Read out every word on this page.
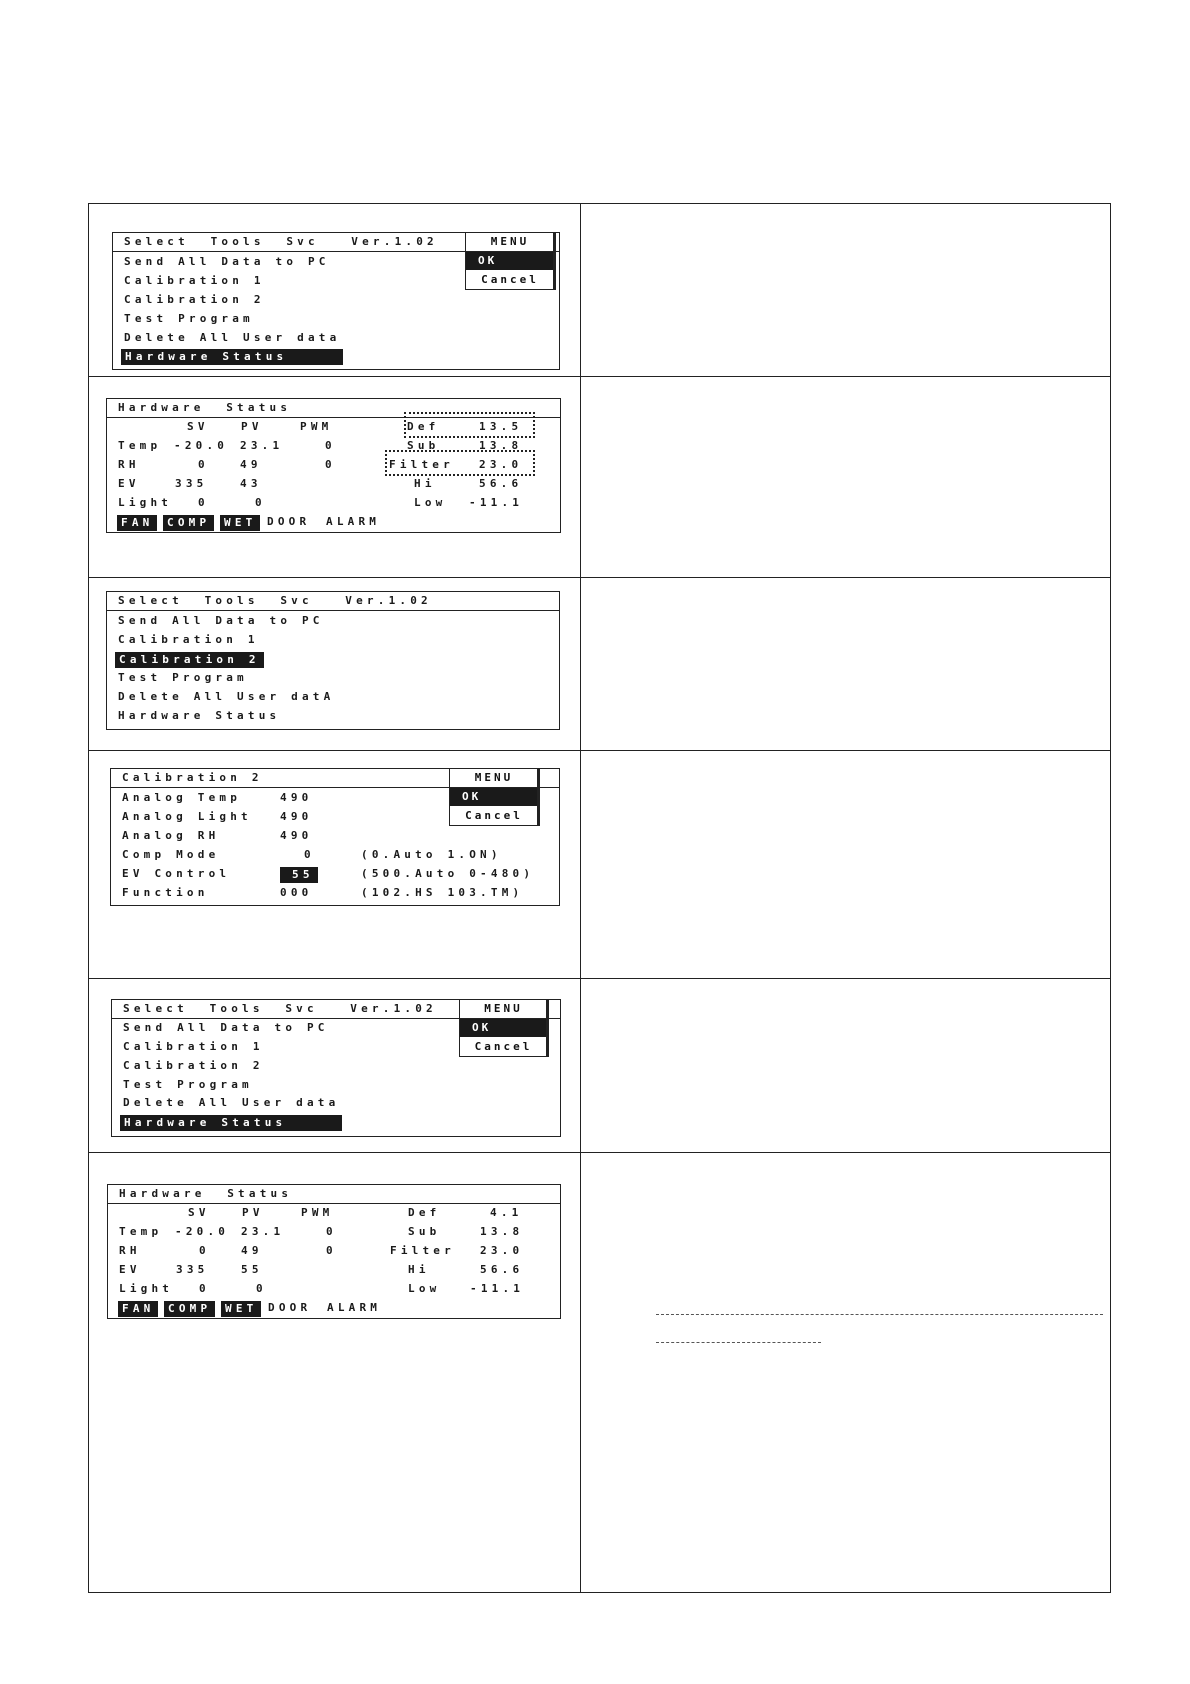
Select  Tools  Svc   Ver.1.02
Send All Data to PC
Calibration 1
Calibration 2
Test Program
Delete All User data
Hardware Status
MENU
OK
Cancel
Hardware  Status
SV	PV	PWM
Temp -20.0 23.1	0
RH	0	49	0
EV	335	43
Light 0	0
Def	13.5
Sub	13.8
Filter 23.0
Hi	56.6
Low -11.1
FAN	COMP	WET DOOR ALARM
Select  Tools  Svc   Ver.1.02
Send All Data to PC
Calibration 1
Calibration 2
Test Program
Delete All User datA
Hardware Status
Calibration 2
Analog Temp	490
Analog Light	490
Analog RH	490
Comp Mode	0	(0.Auto 1.ON)
EV Control	55	(500.Auto 0-480)
Function	000	(102.HS 103.TM)
MENU
OK
Cancel
Select  Tools  Svc   Ver.1.02
Send All Data to PC
Calibration 1
Calibration 2
Test Program
Delete All User data
Hardware Status
MENU
OK
Cancel
Hardware  Status
SV	PV	PWM
Temp -20.0 23.1	0
RH	0	49	0
EV	335	55
Light 0	0
Def	4.1
Sub	13.8
Filter 23.0
Hi	56.6
Low	-11.1
FAN	COMP	WET DOOR ALARM
